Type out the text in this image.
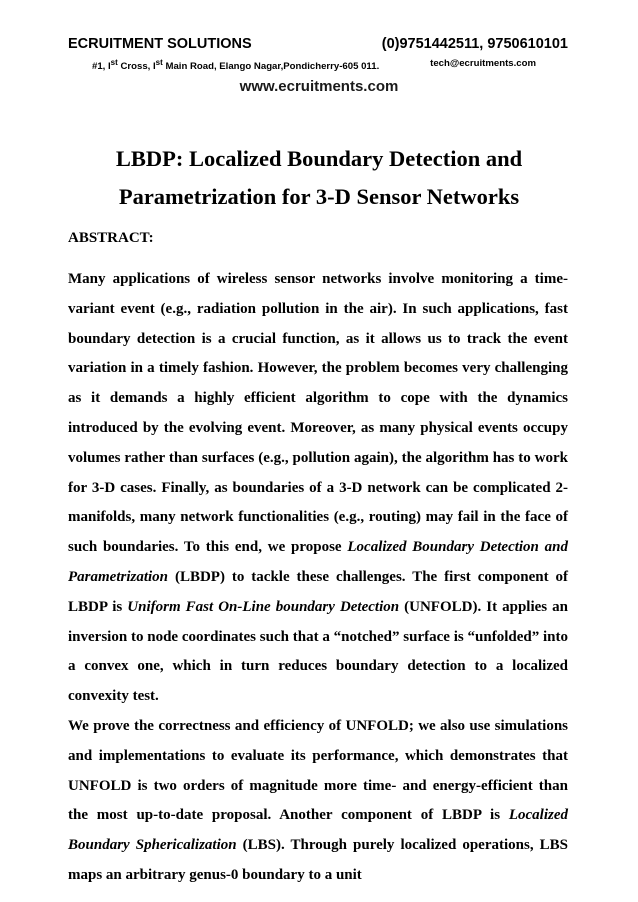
ECRUITMENT SOLUTIONS	(0)9751442511, 9750610101
#1, Ist Cross, Ist Main Road, Elango Nagar,Pondicherry-605 011.	tech@ecruitments.com
www.ecruitments.com
LBDP: Localized Boundary Detection and
Parametrization for 3-D Sensor Networks
ABSTRACT:

Many applications of wireless sensor networks involve monitoring a time-variant event (e.g., radiation pollution in the air). In such applications, fast boundary detection is a crucial function, as it allows us to track the event variation in a timely fashion. However, the problem becomes very challenging as it demands a highly efficient algorithm to cope with the dynamics introduced by the evolving event. Moreover, as many physical events occupy volumes rather than surfaces (e.g., pollution again), the algorithm has to work for 3-D cases. Finally, as boundaries of a 3-D network can be complicated 2-manifolds, many network functionalities (e.g., routing) may fail in the face of such boundaries. To this end, we propose Localized Boundary Detection and Parametrization (LBDP) to tackle these challenges. The first component of LBDP is Uniform Fast On-Line boundary Detection (UNFOLD). It applies an inversion to node coordinates such that a “notched” surface is “unfolded” into a convex one, which in turn reduces boundary detection to a localized convexity test.

We prove the correctness and efficiency of UNFOLD; we also use simulations and implementations to evaluate its performance, which demonstrates that UNFOLD is two orders of magnitude more time- and energy-efficient than the most up-to-date proposal. Another component of LBDP is Localized Boundary Sphericalization (LBS). Through purely localized operations, LBS maps an arbitrary genus-0 boundary to a unit
